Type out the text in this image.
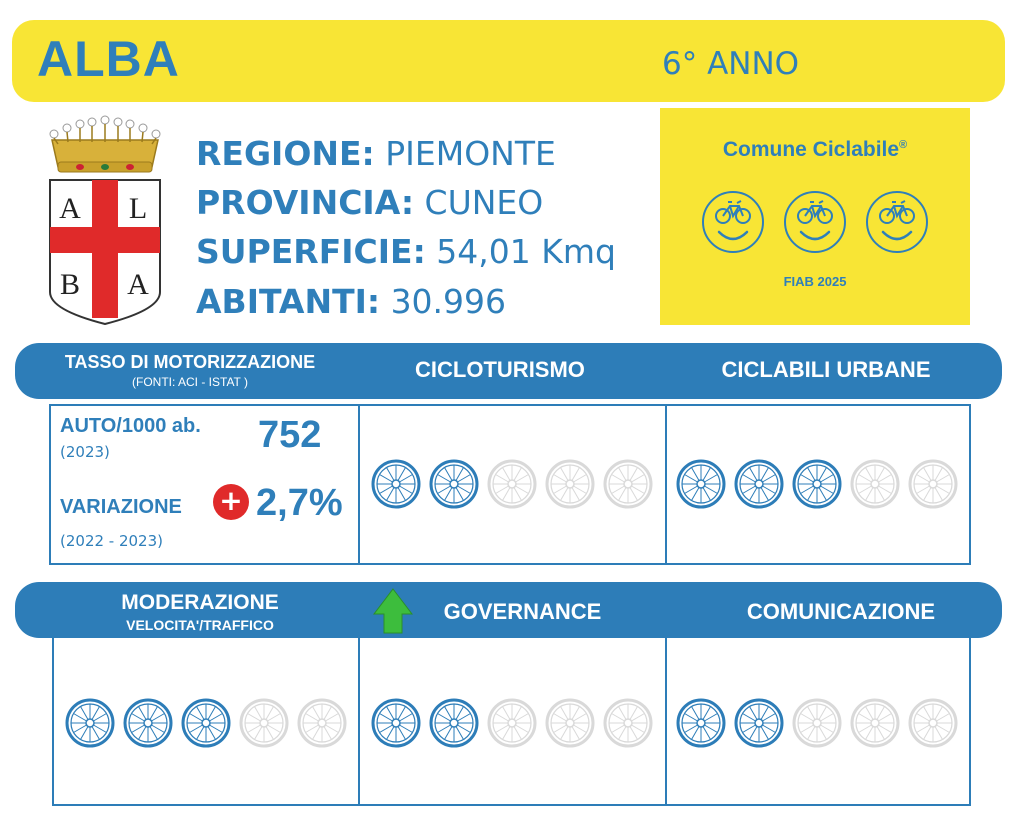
ALBA	6° ANNO
A L
B A
REGIONE: PIEMONTE
PROVINCIA: CUNEO
SUPERFICIE: 54,01 Kmq
ABITANTI: 30.996
Comune Ciclabile®
FIAB 2025
TASSO DI MOTORIZZAZIONE
(FONTI: ACI - ISTAT )	CICLOTURISMO	CICLABILI URBANE
AUTO/1000 ab.
(2023)	752
VARIAZIONE + 2,7%
(2022 - 2023)
MODERAZIONE
VELOCITA'/TRAFFICO
GOVERNANCE	COMUNICAZIONE
